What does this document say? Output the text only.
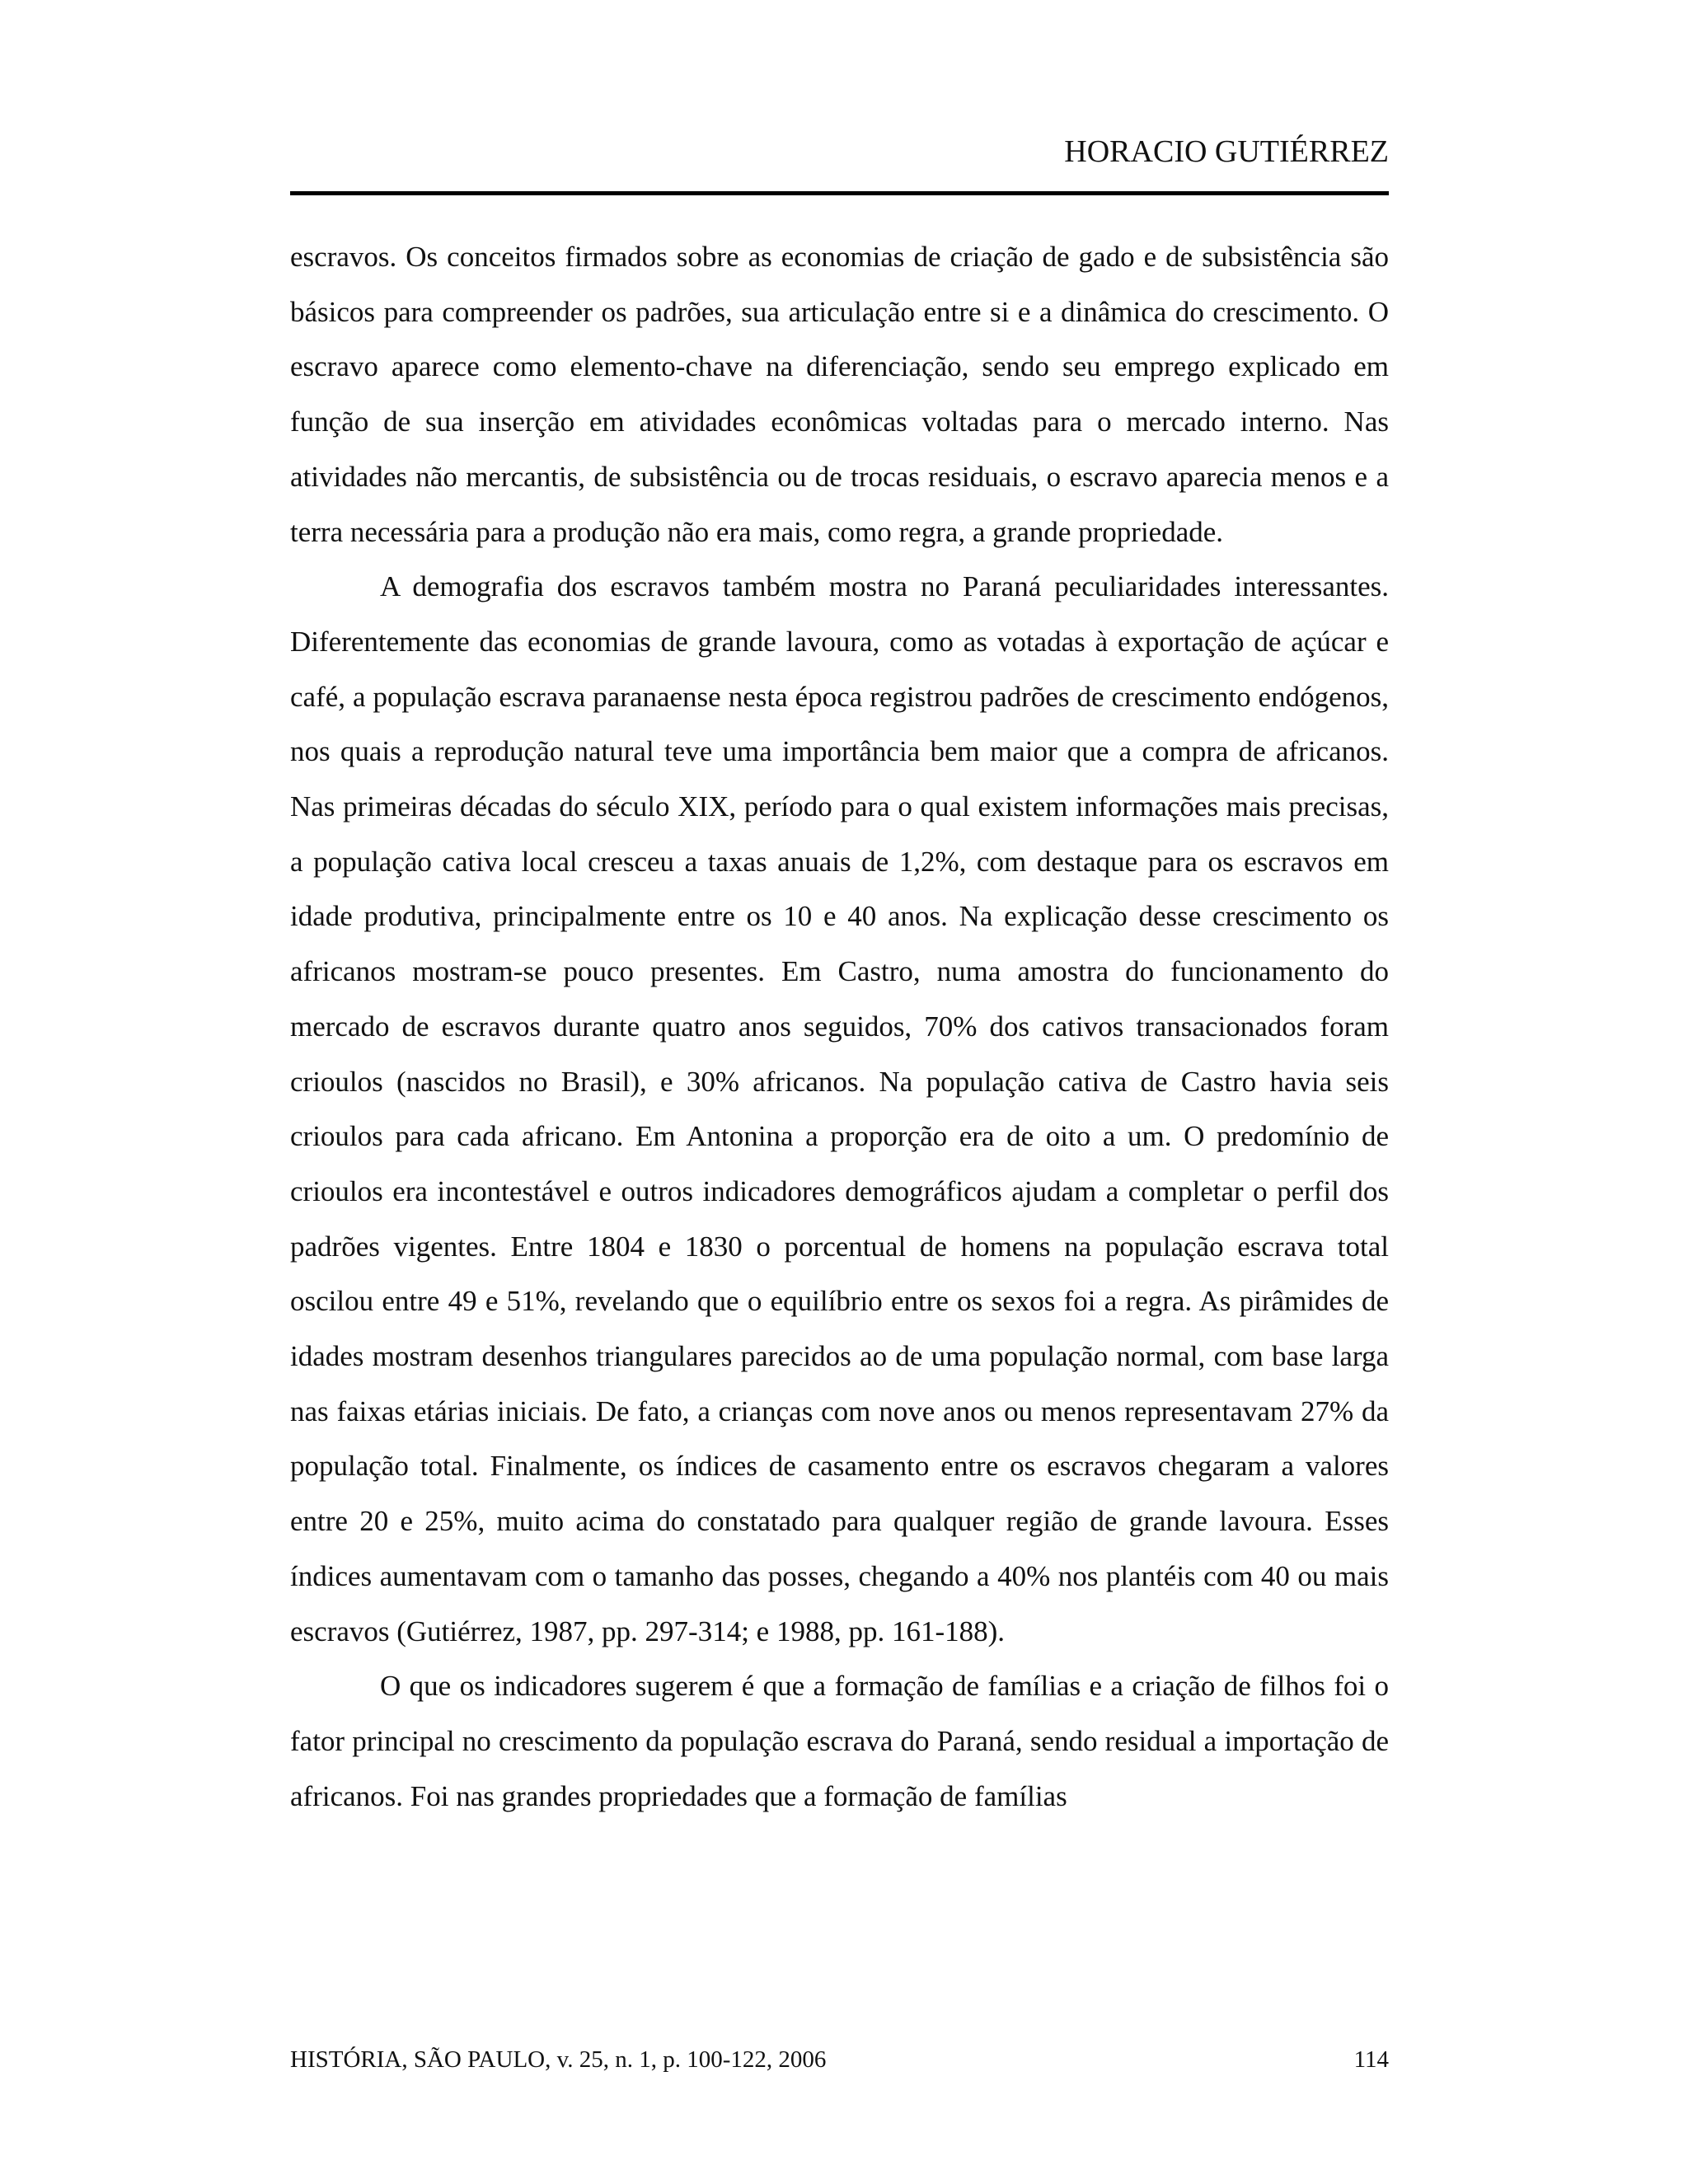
HORACIO GUTIÉRREZ

escravos. Os conceitos firmados sobre as economias de criação de gado e de subsistência são básicos para compreender os padrões, sua articulação entre si e a dinâmica do crescimento. O escravo aparece como elemento-chave na diferenciação, sendo seu emprego explicado em função de sua inserção em atividades econômicas voltadas para o mercado interno. Nas atividades não mercantis, de subsistência ou de trocas residuais, o escravo aparecia menos e a terra necessária para a produção não era mais, como regra, a grande propriedade.

A demografia dos escravos também mostra no Paraná peculiaridades interessantes. Diferentemente das economias de grande lavoura, como as votadas à exportação de açúcar e café, a população escrava paranaense nesta época registrou padrões de crescimento endógenos, nos quais a reprodução natural teve uma importância bem maior que a compra de africanos. Nas primeiras décadas do século XIX, período para o qual existem informações mais precisas, a população cativa local cresceu a taxas anuais de 1,2%, com destaque para os escravos em idade produtiva, principalmente entre os 10 e 40 anos. Na explicação desse crescimento os africanos mostram-se pouco presentes. Em Castro, numa amostra do funcionamento do mercado de escravos durante quatro anos seguidos, 70% dos cativos transacionados foram crioulos (nascidos no Brasil), e 30% africanos. Na população cativa de Castro havia seis crioulos para cada africano. Em Antonina a proporção era de oito a um. O predomínio de crioulos era incontestável e outros indicadores demográficos ajudam a completar o perfil dos padrões vigentes. Entre 1804 e 1830 o porcentual de homens na população escrava total oscilou entre 49 e 51%, revelando que o equilíbrio entre os sexos foi a regra. As pirâmides de idades mostram desenhos triangulares parecidos ao de uma população normal, com base larga nas faixas etárias iniciais. De fato, a crianças com nove anos ou menos representavam 27% da população total. Finalmente, os índices de casamento entre os escravos chegaram a valores entre 20 e 25%, muito acima do constatado para qualquer região de grande lavoura. Esses índices aumentavam com o tamanho das posses, chegando a 40% nos plantéis com 40 ou mais escravos (Gutiérrez, 1987, pp. 297-314; e 1988, pp. 161-188).

O que os indicadores sugerem é que a formação de famílias e a criação de filhos foi o fator principal no crescimento da população escrava do Paraná, sendo residual a importação de africanos. Foi nas grandes propriedades que a formação de famílias

HISTÓRIA, SÃO PAULO, v. 25, n. 1, p. 100-122, 2006	114
